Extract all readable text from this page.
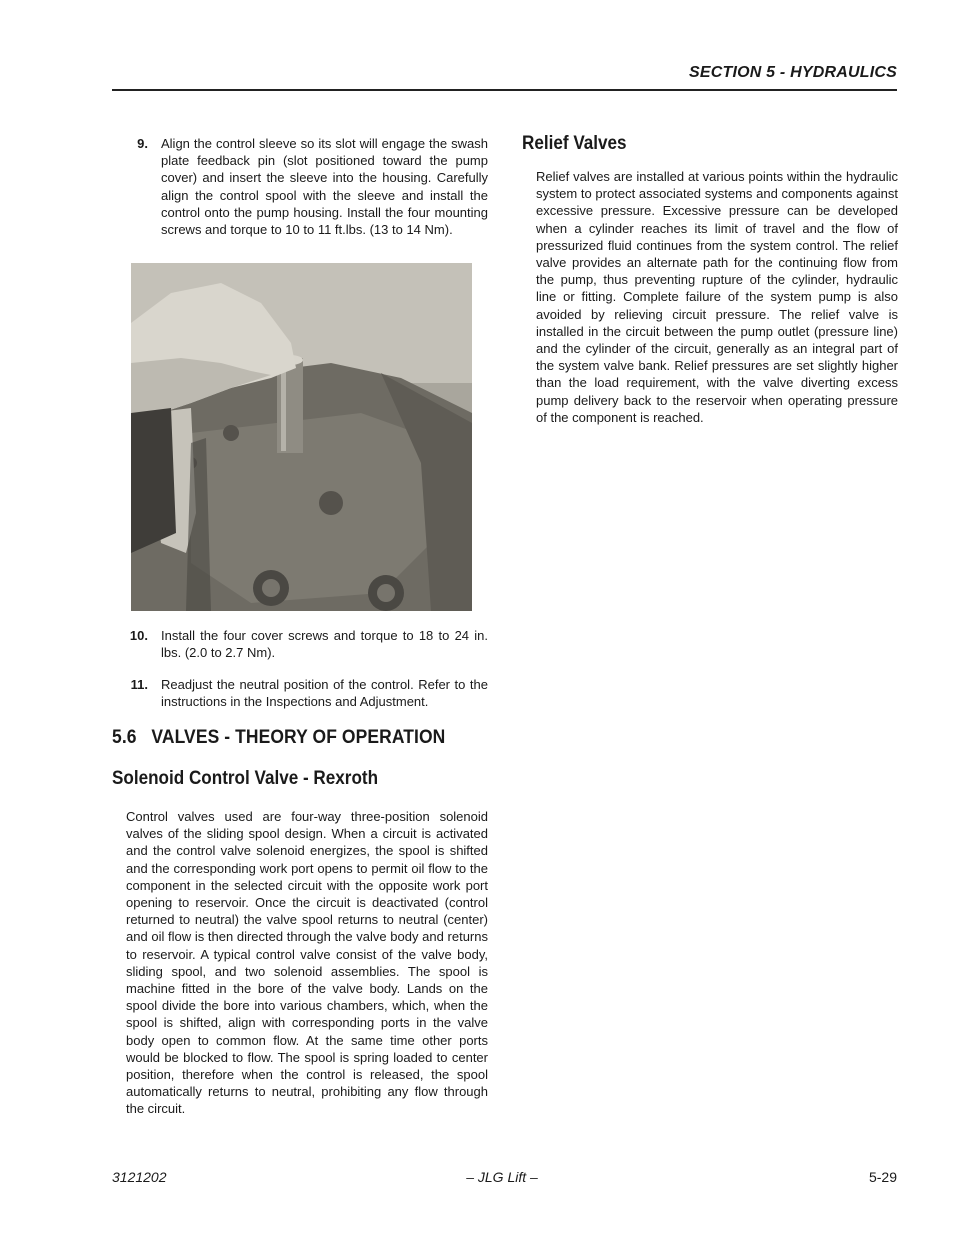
SECTION 5 - HYDRAULICS
9. Align the control sleeve so its slot will engage the swash plate feedback pin (slot positioned toward the pump cover) and insert the sleeve into the housing. Carefully align the control spool with the sleeve and install the control onto the pump housing. Install the four mounting screws and torque to 10 to 11 ft.lbs. (13 to 14 Nm).

10. Install the four cover screws and torque to 18 to 24 in. lbs. (2.0 to 2.7 Nm).

11. Readjust the neutral position of the control. Refer to the instructions in the Inspections and Adjustment.

5.6   VALVES - THEORY OF OPERATION
Solenoid Control Valve - Rexroth

Control valves used are four-way three-position solenoid valves of the sliding spool design. When a circuit is activated and the control valve solenoid energizes, the spool is shifted and the corresponding work port opens to permit oil flow to the component in the selected circuit with the opposite work port opening to reservoir. Once the circuit is deactivated (control returned to neutral) the valve spool returns to neutral (center) and oil flow is then directed through the valve body and returns to reservoir. A typical control valve consist of the valve body, sliding spool, and two solenoid assemblies. The spool is machine fitted in the bore of the valve body. Lands on the spool divide the bore into various chambers, which, when the spool is shifted, align with corresponding ports in the valve body open to common flow. At the same time other ports would be blocked to flow. The spool is spring loaded to center position, therefore when the control is released, the spool automatically returns to neutral, prohibiting any flow through the circuit.

Relief Valves

Relief valves are installed at various points within the hydraulic system to protect associated systems and components against excessive pressure. Excessive pressure can be developed when a cylinder reaches its limit of travel and the flow of pressurized fluid continues from the system control. The relief valve provides an alternate path for the continuing flow from the pump, thus preventing rupture of the cylinder, hydraulic line or fitting. Complete failure of the system pump is also avoided by relieving circuit pressure. The relief valve is installed in the circuit between the pump outlet (pressure line) and the cylinder of the circuit, generally as an integral part of the system valve bank. Relief pressures are set slightly higher than the load requirement, with the valve diverting excess pump delivery back to the reservoir when operating pressure of the component is reached.

3121202	– JLG Lift –	5-29
